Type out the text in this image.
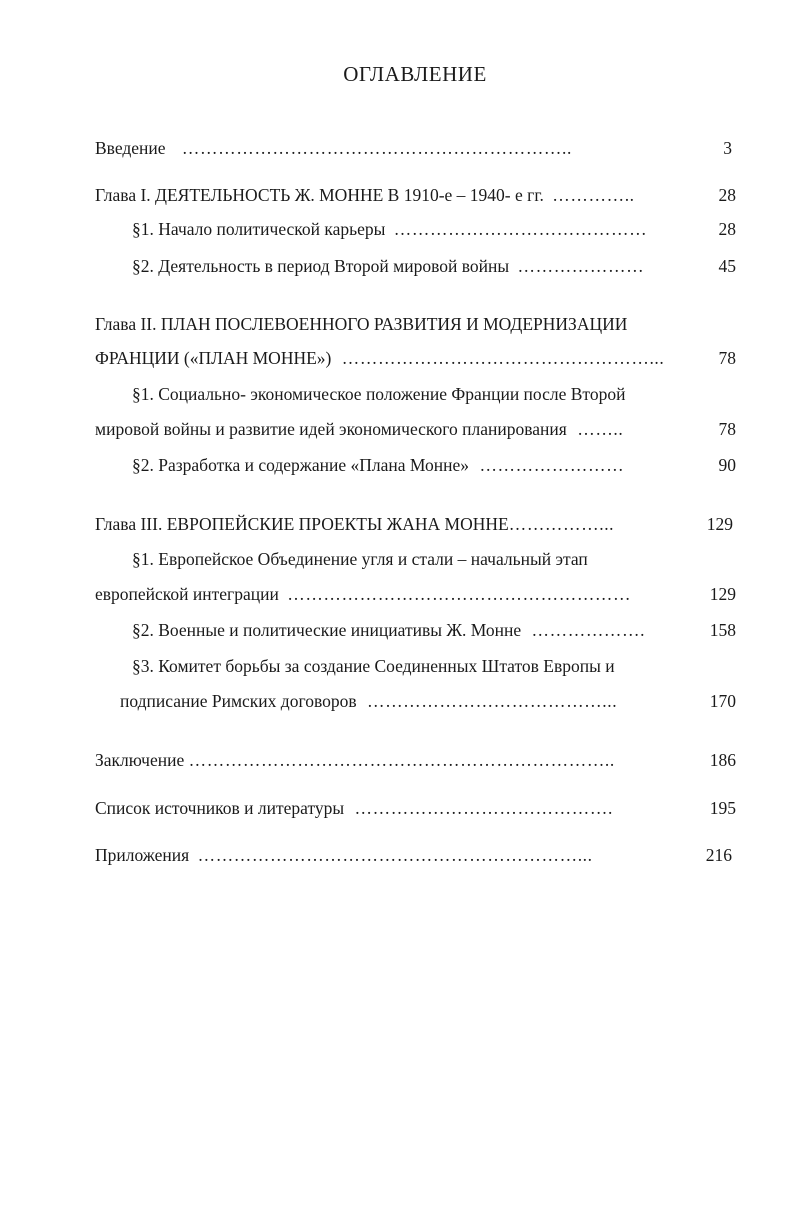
ОГЛАВЛЕНИЕ
Введение ………………………………………………………..	3
Глава I. ДЕЯТЕЛЬНОСТЬ Ж. МОННЕ В 1910-е – 1940- е гг. …………..	28
§1. Начало политической карьеры ……………………………………	28
§2. Деятельность в период Второй мировой войны …………………	45
Глава II. ПЛАН ПОСЛЕВОЕННОГО РАЗВИТИЯ И МОДЕРНИЗАЦИИ
ФРАНЦИИ («ПЛАН МОННЕ») ……………………………………………...	78
§1. Социально- экономическое положение Франции после Второй
мировой войны и развитие идей экономического планирования ……..	78
§2. Разработка и содержание «Плана Монне» ……………………	90
Глава III. ЕВРОПЕЙСКИЕ ПРОЕКТЫ ЖАНА МОННЕ……………...	129
§1. Европейское Объединение угля и стали – начальный этап
европейской интеграции …………………………………………………	129
§2. Военные и политические инициативы Ж. Монне ……………….	158
§3. Комитет борьбы за создание Соединенных Штатов Европы и
подписание Римских договоров …………………………………...	170
Заключение ……………………………………………………………..	186
Список источников и литературы …………………………………….	195
Приложения ………………………………………………………...	216
